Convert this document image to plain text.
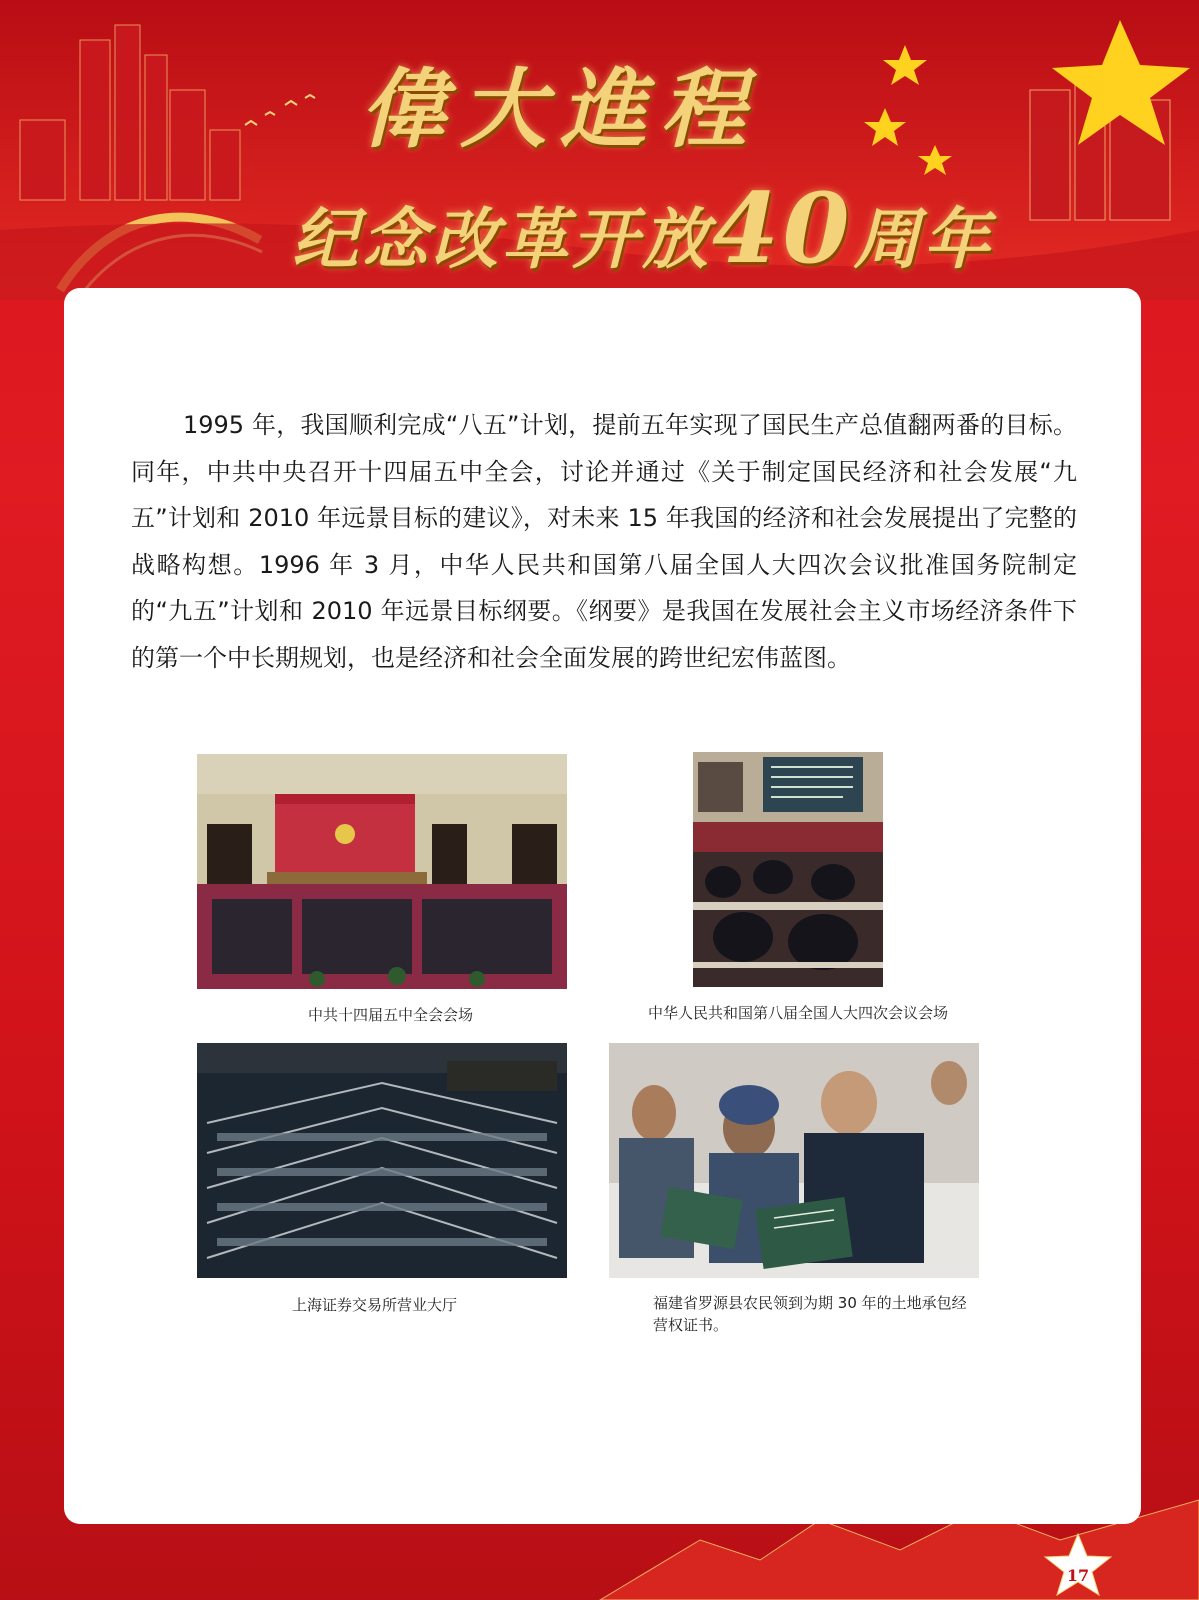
偉大進程
纪念改革开放40周年

1995 年，我国顺利完成“八五”计划，提前五年实现了国民生产总值翻两番的目标。同年，中共中央召开十四届五中全会，讨论并通过《关于制定国民经济和社会发展“九五”计划和 2010 年远景目标的建议》，对未来 15 年我国的经济和社会发展提出了完整的战略构想。1996 年 3 月，中华人民共和国第八届全国人大四次会议批准国务院制定的“九五”计划和 2010 年远景目标纲要。《纲要》是我国在发展社会主义市场经济条件下的第一个中长期规划，也是经济和社会全面发展的跨世纪宏伟蓝图。

中共十四届五中全会会场	中华人民共和国第八届全国人大四次会议会场
上海证券交易所营业大厅	福建省罗源县农民领到为期 30 年的土地承包经营权证书。
17
